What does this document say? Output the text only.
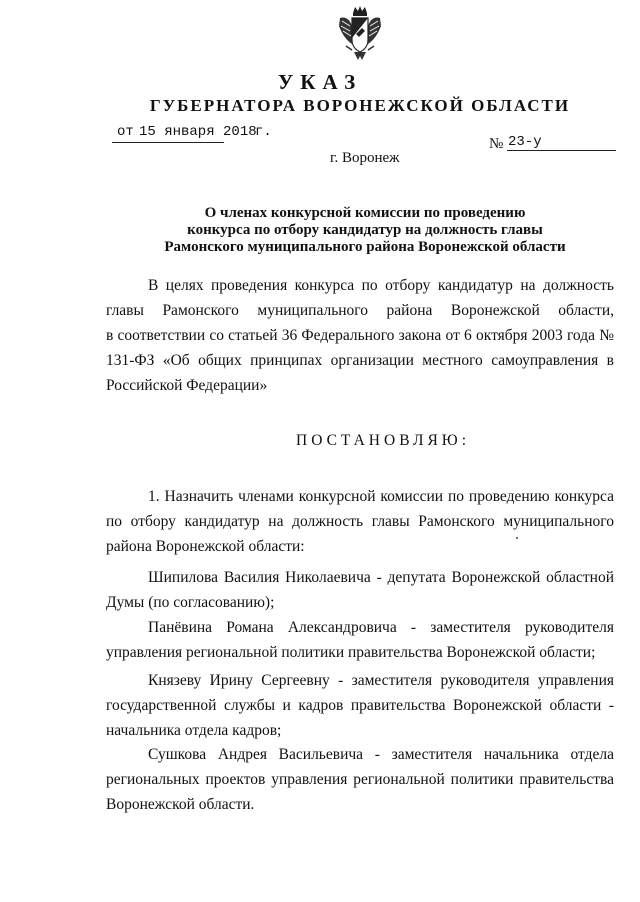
УКАЗ
ГУБЕРНАТОРА ВОРОНЕЖСКОЙ ОБЛАСТИ
от 15 января 2018
г.
№ 23-у
г. Воронеж
О членах конкурсной комиссии по проведению
конкурса по отбору кандидатур на должность главы
Рамонского муниципального района Воронежской области
В целях проведения конкурса по отбору кандидатур на должность
главы Рамонского муниципального района Воронежской области,
в соответствии со статьей 36 Федерального закона от 6 октября 2003 года №
131-ФЗ «Об общих принципах организации местного самоуправления в
Российской Федерации»
ПОСТАНОВЛЯЮ:
1. Назначить членами конкурсной комиссии по проведению конкурса
по отбору кандидатур на должность главы Рамонского муниципального
района Воронежской области:
Шипилова Василия Николаевича - депутата Воронежской областной
Думы (по согласованию);
Панёвина Романа Александровича - заместителя руководителя
управления региональной политики правительства Воронежской области;
Князеву Ирину Сергеевну - заместителя руководителя управления
государственной службы и кадров правительства Воронежской области -
начальника отдела кадров;
Сушкова Андрея Васильевича - заместителя начальника отдела
региональных проектов управления региональной политики правительства
Воронежской области.
